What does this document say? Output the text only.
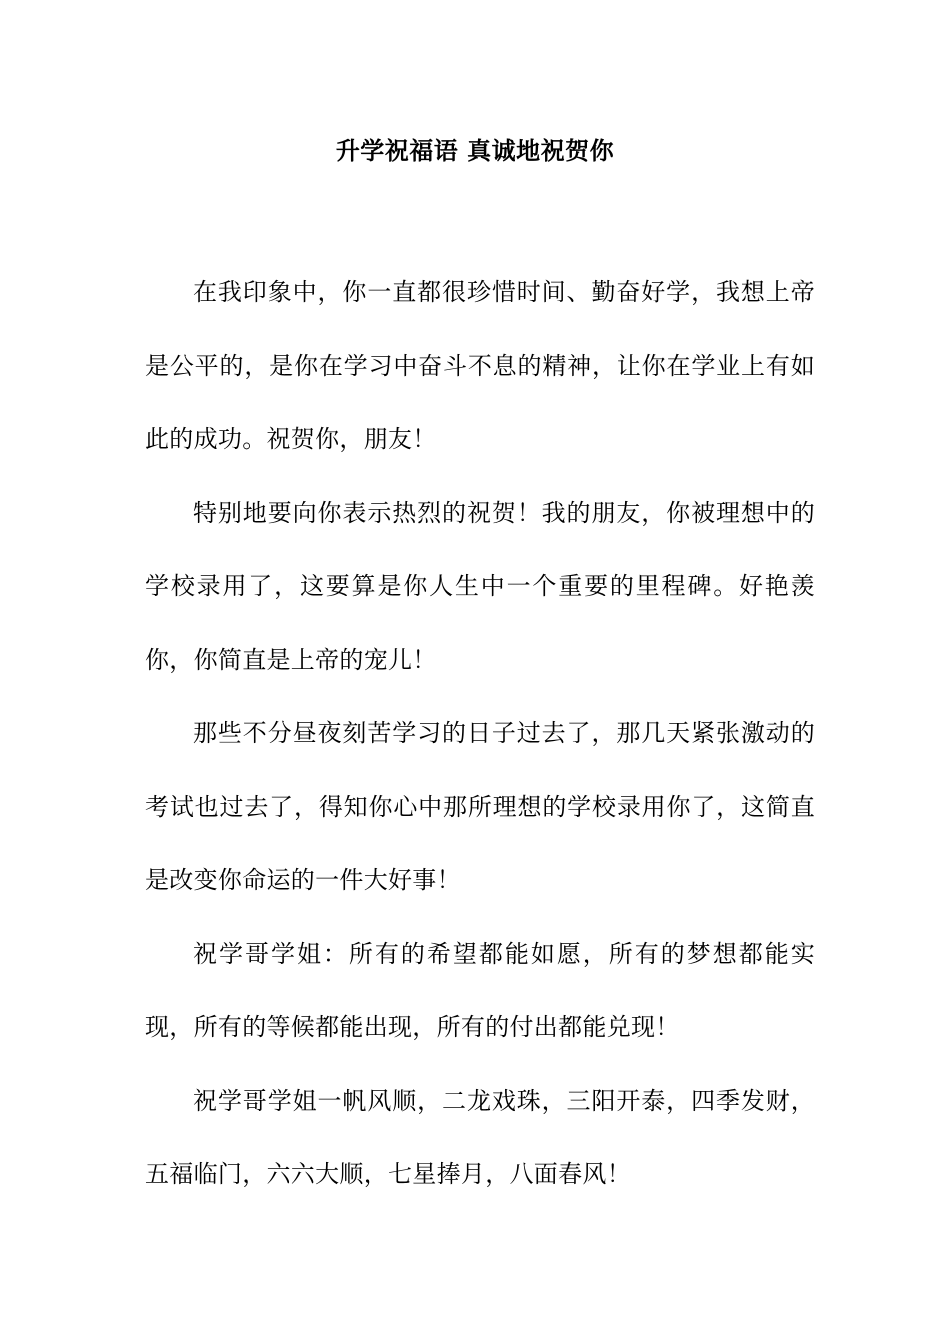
升学祝福语 真诚地祝贺你

在我印象中，你一直都很珍惜时间、勤奋好学，我想上帝是公平的，是你在学习中奋斗不息的精神，让你在学业上有如此的成功。祝贺你，朋友！

特别地要向你表示热烈的祝贺！我的朋友，你被理想中的学校录用了，这要算是你人生中一个重要的里程碑。好艳羡你，你简直是上帝的宠儿！

那些不分昼夜刻苦学习的日子过去了，那几天紧张激动的考试也过去了，得知你心中那所理想的学校录用你了，这简直是改变你命运的一件大好事！

祝学哥学姐：所有的希望都能如愿，所有的梦想都能实现，所有的等候都能出现，所有的付出都能兑现！

祝学哥学姐一帆风顺，二龙戏珠，三阳开泰，四季发财，五福临门，六六大顺，七星捧月，八面春风！
